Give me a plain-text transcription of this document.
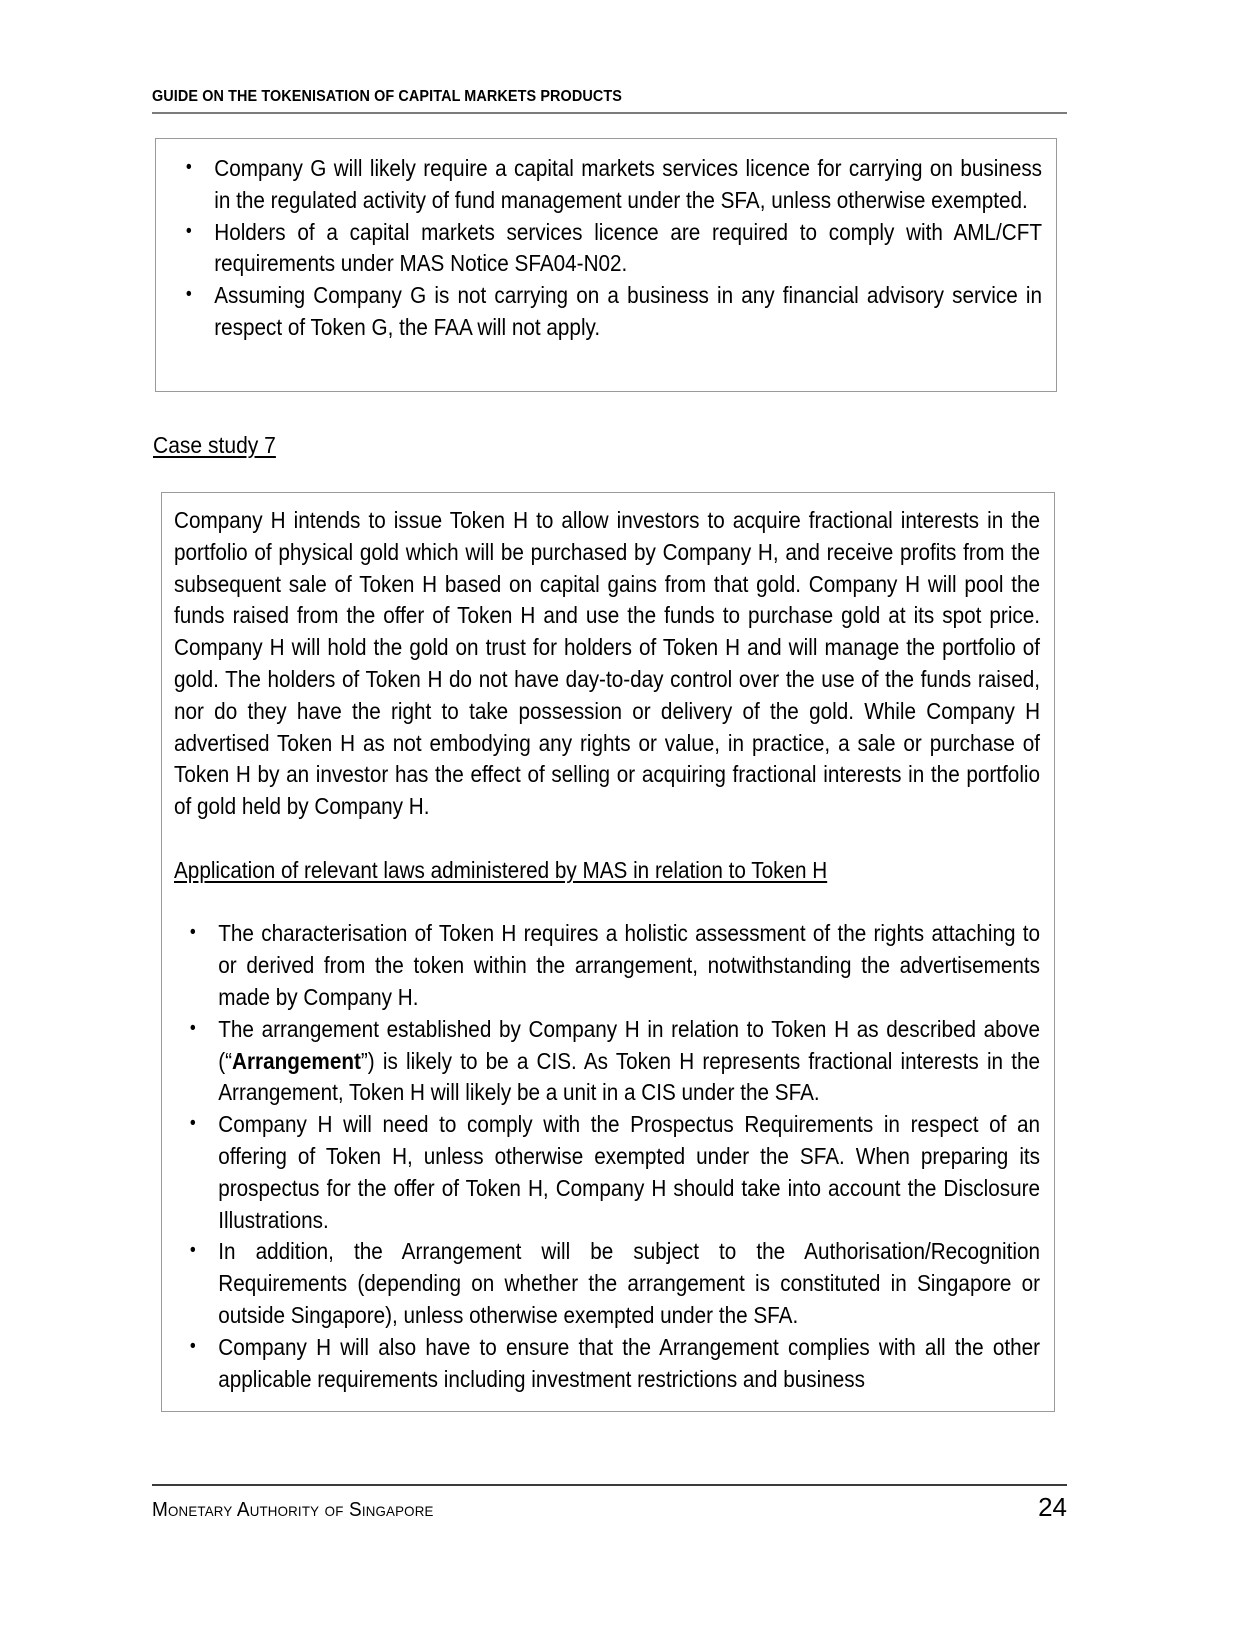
GUIDE ON THE TOKENISATION OF CAPITAL MARKETS PRODUCTS
• Company G will likely require a capital markets services licence for carrying on business in the regulated activity of fund management under the SFA, unless otherwise exempted.
• Holders of a capital markets services licence are required to comply with AML/CFT requirements under MAS Notice SFA04-N02.
• Assuming Company G is not carrying on a business in any financial advisory service in respect of Token G, the FAA will not apply.
Case study 7

Company H intends to issue Token H to allow investors to acquire fractional interests in the portfolio of physical gold which will be purchased by Company H, and receive profits from the subsequent sale of Token H based on capital gains from that gold. Company H will pool the funds raised from the offer of Token H and use the funds to purchase gold at its spot price. Company H will hold the gold on trust for holders of Token H and will manage the portfolio of gold. The holders of Token H do not have day-to-day control over the use of the funds raised, nor do they have the right to take possession or delivery of the gold. While Company H advertised Token H as not embodying any rights or value, in practice, a sale or purchase of Token H by an investor has the effect of selling or acquiring fractional interests in the portfolio of gold held by Company H.

Application of relevant laws administered by MAS in relation to Token H

• The characterisation of Token H requires a holistic assessment of the rights attaching to or derived from the token within the arrangement, notwithstanding the advertisements made by Company H.
• The arrangement established by Company H in relation to Token H as described above (“Arrangement”) is likely to be a CIS. As Token H represents fractional interests in the Arrangement, Token H will likely be a unit in a CIS under the SFA.
• Company H will need to comply with the Prospectus Requirements in respect of an offering of Token H, unless otherwise exempted under the SFA. When preparing its prospectus for the offer of Token H, Company H should take into account the Disclosure Illustrations.
• In addition, the Arrangement will be subject to the Authorisation/Recognition Requirements (depending on whether the arrangement is constituted in Singapore or outside Singapore), unless otherwise exempted under the SFA.
• Company H will also have to ensure that the Arrangement complies with all the other applicable requirements including investment restrictions and business
Monetary Authority of Singapore	24
